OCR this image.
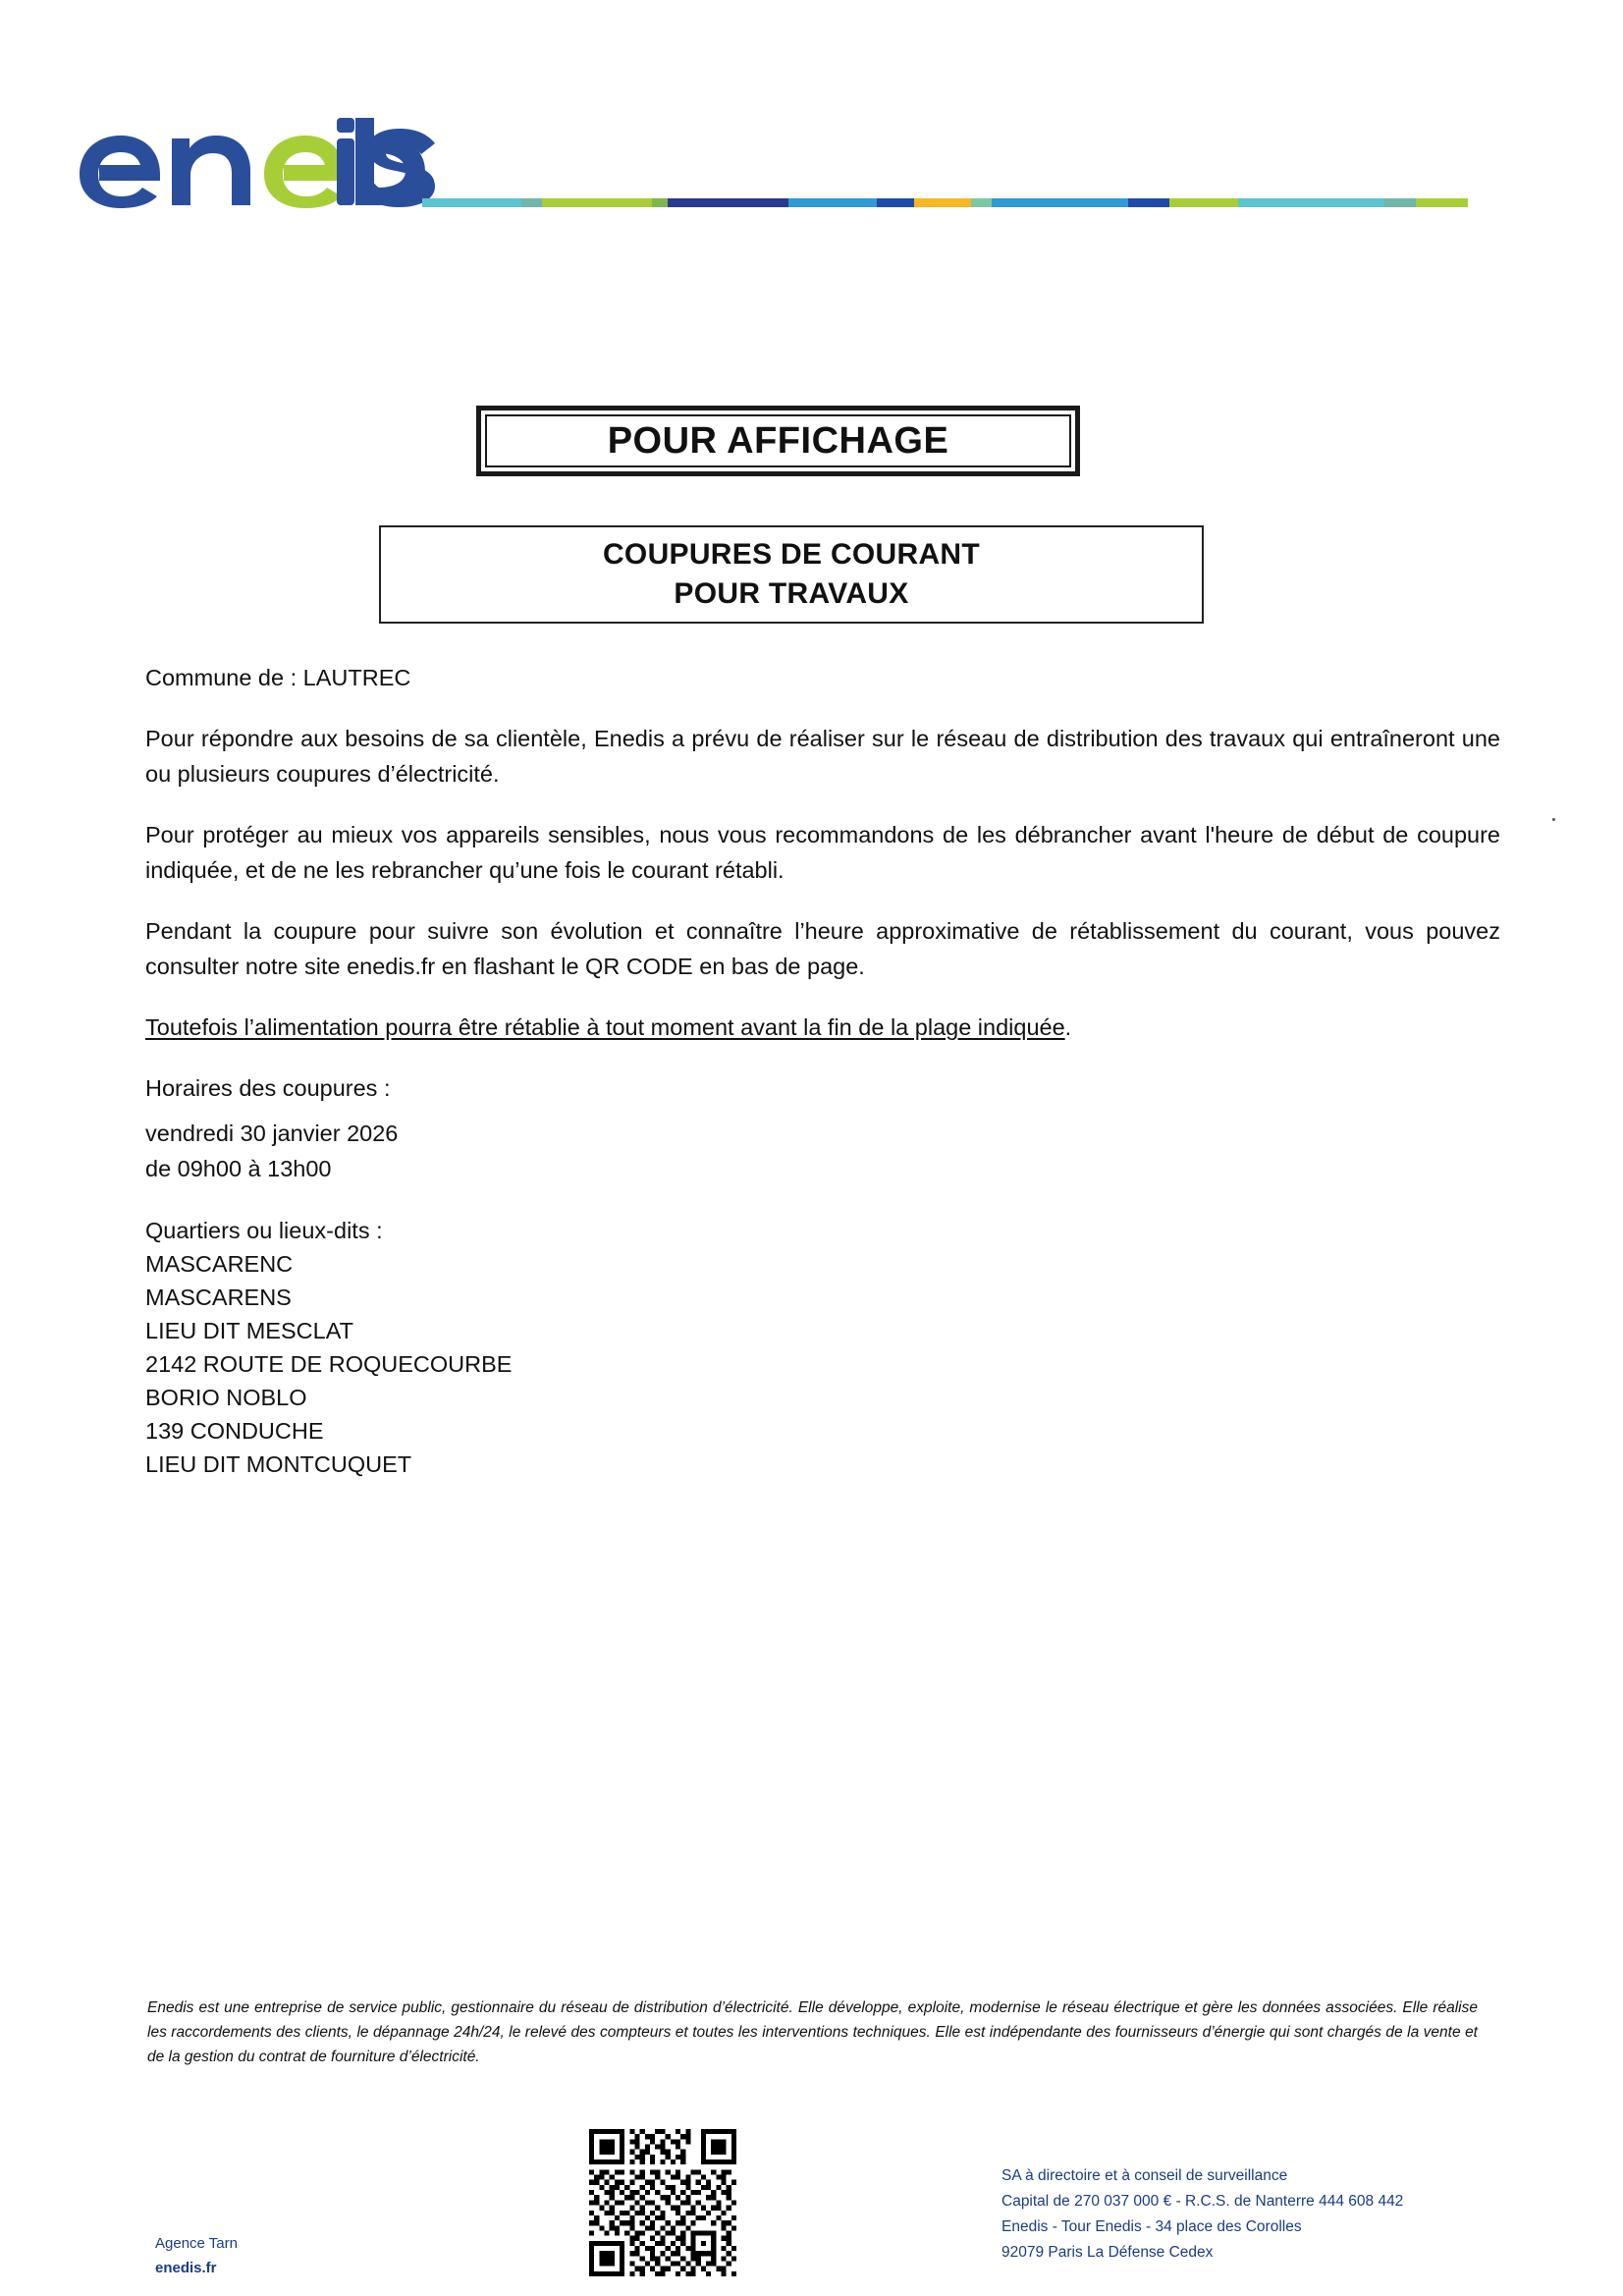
POUR AFFICHAGE
COUPURES DE COURANT
POUR TRAVAUX

Commune de : LAUTREC

Pour répondre aux besoins de sa clientèle, Enedis a prévu de réaliser sur le réseau de distribution des travaux qui entraîneront une ou plusieurs coupures d’électricité.

Pour protéger au mieux vos appareils sensibles, nous vous recommandons de les débrancher avant l'heure de début de coupure indiquée, et de ne les rebrancher qu’une fois le courant rétabli.

Pendant la coupure pour suivre son évolution et connaître l’heure approximative de rétablissement du courant, vous pouvez consulter notre site enedis.fr en flashant le QR CODE en bas de page.

Toutefois l’alimentation pourra être rétablie à tout moment avant la fin de la plage indiquée.

Horaires des coupures :

vendredi 30 janvier 2026
de 09h00 à 13h00
Quartiers ou lieux-dits :
MASCARENC
MASCARENS
LIEU DIT MESCLAT
2142 ROUTE DE ROQUECOURBE
BORIO NOBLO
139 CONDUCHE
LIEU DIT MONTCUQUET
Enedis est une entreprise de service public, gestionnaire du réseau de distribution d’électricité. Elle développe, exploite, modernise le réseau électrique et gère les données associées. Elle réalise les raccordements des clients, le dépannage 24h/24, le relevé des compteurs et toutes les interventions techniques. Elle est indépendante des fournisseurs d’énergie qui sont chargés de la vente et de la gestion du contrat de fourniture d’électricité.
Agence Tarn
enedis.fr
SA à directoire et à conseil de surveillance
Capital de 270 037 000 € - R.C.S. de Nanterre 444 608 442
Enedis - Tour Enedis - 34 place des Corolles
92079 Paris La Défense Cedex
